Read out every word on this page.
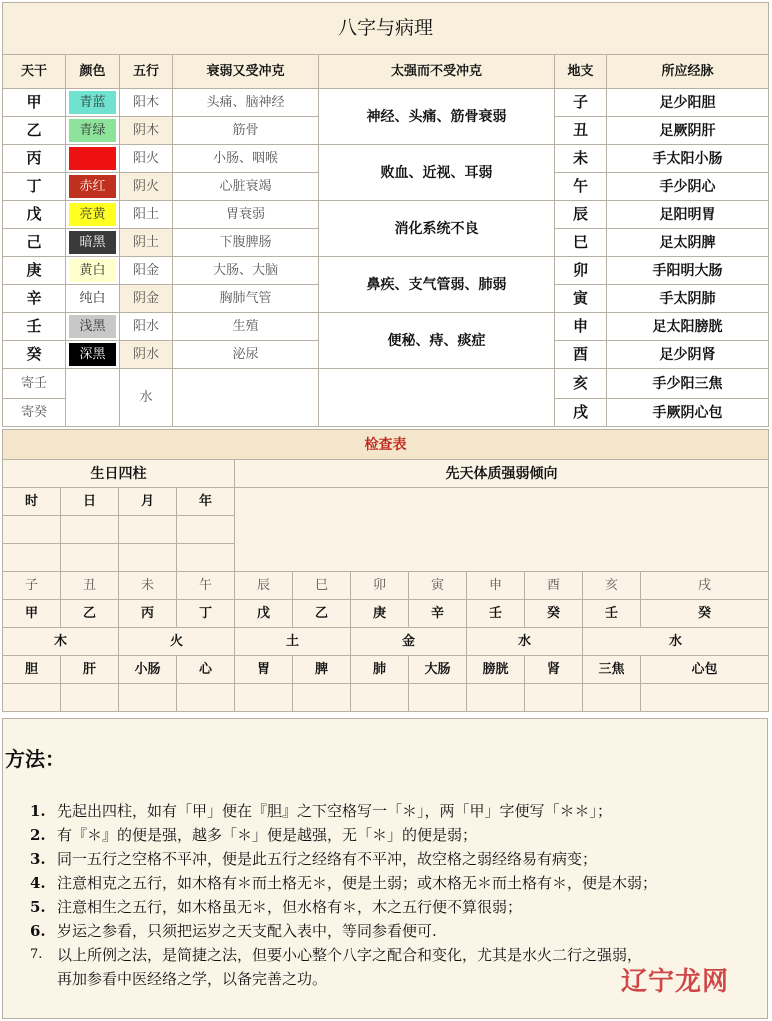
八字与病理						
天干	颜色	五行	衰弱又受冲克	太强而不受冲克	地支	所应经脉
甲	青蓝	阳木	头痛、脑神经	神经、头痛、筋骨衰弱	子	足少阳胆
乙	青绿	阴木	筋骨		丑	足厥阴肝
丙		阳火	小肠、咽喉	败血、近视、耳弱	未	手太阳小肠
丁	赤红	阴火	心脏衰竭		午	手少阴心
戊	亮黄	阳土	胃衰弱	消化系统不良	辰	足阳明胃
己	暗黑	阴土	下腹脾肠		巳	足太阴脾
庚	黄白	阳金	大肠、大脑	鼻疾、支气管弱、肺弱	卯	手阳明大肠
辛	纯白	阴金	胸肺气管		寅	手太阴肺
壬	浅黑	阳水	生殖	便秘、痔、痰症	申	足太阳膀胱
癸	深黑	阴水	泌尿		酉	足少阴肾
寄壬		水			亥	手少阳三焦
寄癸					戌	手厥阴心包
检查表											
生日四柱				先天体质强弱倾向							
时	日	月	年								

子	丑	未	午	辰	巳	卯	寅	申	酉	亥	戌
甲	乙	丙	丁	戊	乙	庚	辛	壬	癸	壬	癸
木		火		土		金		水		水	
胆	肝	小肠	心	胃	脾	肺	大肠	膀胱	肾	三焦	心包

方法：
1. 先起出四柱，如有「甲」便在『胆』之下空格写一「＊」，两「甲」字便写「＊＊」；
2. 有『＊』的便是强，越多「＊」便是越强，无「＊」的便是弱；
3. 同一五行之空格不平冲，便是此五行之经络有不平冲，故空格之弱经络易有病变；
4. 注意相克之五行，如木格有＊而土格无＊，便是土弱；或木格无＊而土格有＊，便是木弱；
5. 注意相生之五行，如木格虽无＊，但水格有＊，木之五行便不算很弱；
6. 岁运之参看，只须把运岁之天支配入表中，等同参看便可.
7. 以上所例之法，是简捷之法，但要小心整个八字之配合和变化，尤其是水火二行之强弱，
再加参看中医经络之学，以备完善之功。	辽宁龙网
